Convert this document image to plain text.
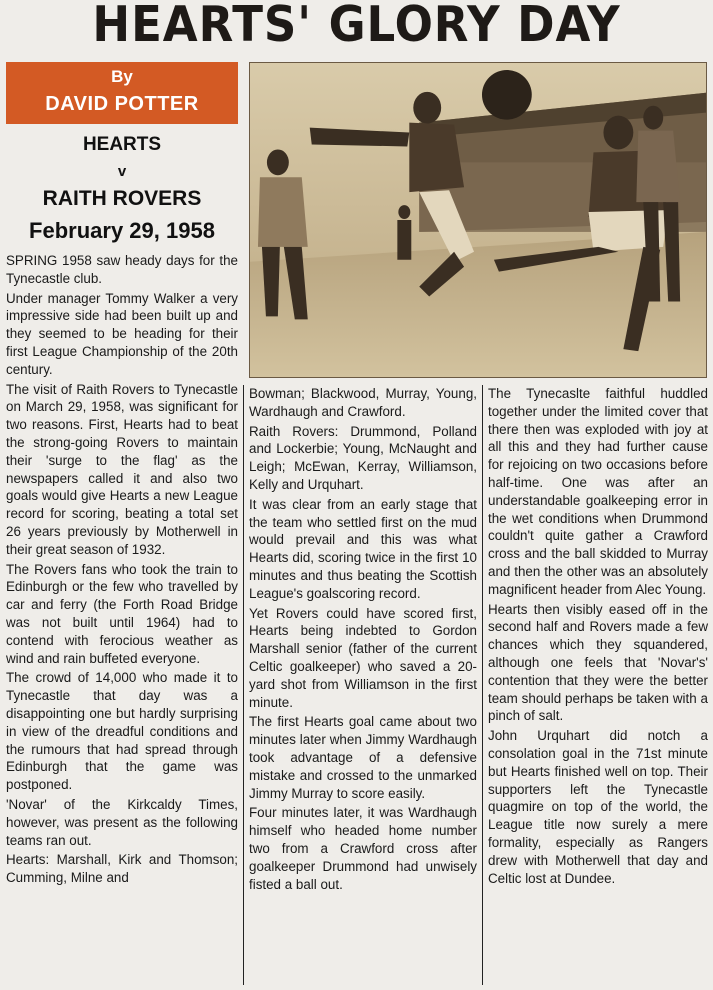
HEARTS' GLORY DAY
By
DAVID POTTER
HEARTS
v
RAITH ROVERS
February 29, 1958

SPRING 1958 saw heady days for the Tynecastle club.

Under manager Tommy Walker a very impressive side had been built up and they seemed to be heading for their first League Championship of the 20th century.

The visit of Raith Rovers to Tynecastle on March 29, 1958, was significant for two reasons. First, Hearts had to beat the strong-going Rovers to maintain their 'surge to the flag' as the newspapers called it and also two goals would give Hearts a new League record for scoring, beating a total set 26 years previously by Motherwell in their great season of 1932.

The Rovers fans who took the train to Edinburgh or the few who travelled by car and ferry (the Forth Road Bridge was not built until 1964) had to contend with ferocious weather as wind and rain buffeted everyone.

The crowd of 14,000 who made it to Tynecastle that day was a disappointing one but hardly surprising in view of the dreadful conditions and the rumours that had spread through Edinburgh that the game was postponed.

'Novar' of the Kirkcaldy Times, however, was present as the following teams ran out.

Hearts: Marshall, Kirk and Thomson; Cumming, Milne and

Bowman; Blackwood, Murray, Young, Wardhaugh and Crawford.

Raith Rovers: Drummond, Polland and Lockerbie; Young, McNaught and Leigh; McEwan, Kerray, Williamson, Kelly and Urquhart.

It was clear from an early stage that the team who settled first on the mud would prevail and this was what Hearts did, scoring twice in the first 10 minutes and thus beating the Scottish League's goalscoring record.

Yet Rovers could have scored first, Hearts being indebted to Gordon Marshall senior (father of the current Celtic goalkeeper) who saved a 20-yard shot from Williamson in the first minute.

The first Hearts goal came about two minutes later when Jimmy Wardhaugh took advantage of a defensive mistake and crossed to the unmarked Jimmy Murray to score easily.

Four minutes later, it was Wardhaugh himself who headed home number two from a Crawford cross after goalkeeper Drummond had unwisely fisted a ball out.

The Tynecaslte faithful huddled together under the limited cover that there then was exploded with joy at all this and they had further cause for rejoicing on two occasions before half-time. One was after an understandable goalkeeping error in the wet conditions when Drummond couldn't quite gather a Crawford cross and the ball skidded to Murray and then the other was an absolutely magnificent header from Alec Young.

Hearts then visibly eased off in the second half and Rovers made a few chances which they squandered, although one feels that 'Novar's' contention that they were the better team should perhaps be taken with a pinch of salt.

John Urquhart did notch a consolation goal in the 71st minute but Hearts finished well on top. Their supporters left the Tynecastle quagmire on top of the world, the League title now surely a mere formality, especially as Rangers drew with Motherwell that day and Celtic lost at Dundee.
